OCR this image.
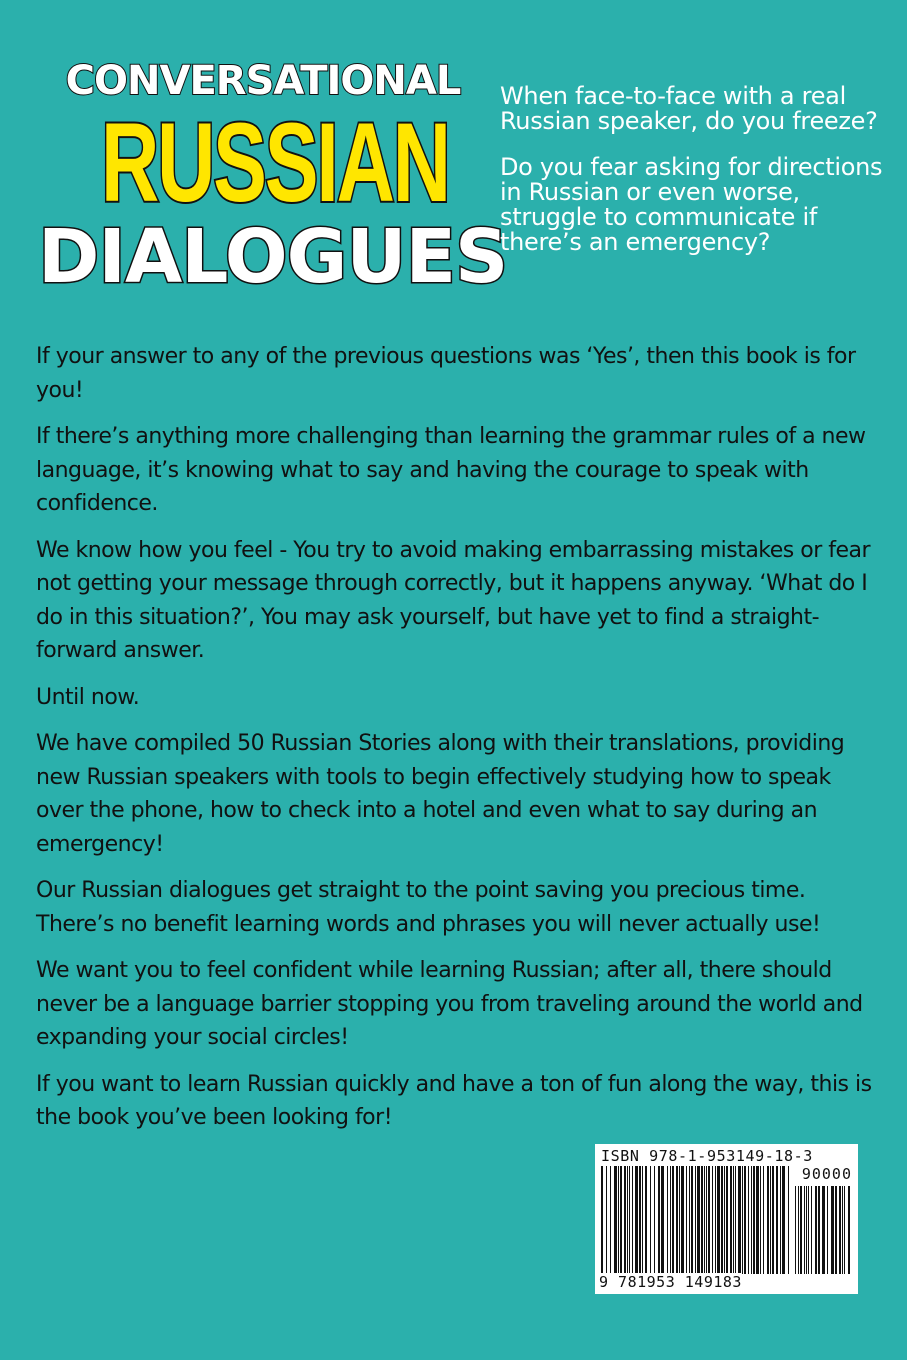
CONVERSATIONAL
RUSSIAN
DIALOGUES

When face-to-face with a real Russian speaker, do you freeze?

Do you fear asking for directions in Russian or even worse, struggle to communicate if there’s an emergency?

If your answer to any of the previous questions was ‘Yes’, then this book is for you!

If there’s anything more challenging than learning the grammar rules of a new language, it’s knowing what to say and having the courage to speak with confidence.

We know how you feel - You try to avoid making embarrassing mistakes or fear not getting your message through correctly, but it happens anyway. ‘What do I do in this situation?’, You may ask yourself, but have yet to find a straight-forward answer.

Until now.

We have compiled 50 Russian Stories along with their translations, providing new Russian speakers with tools to begin effectively studying how to speak over the phone, how to check into a hotel and even what to say during an emergency!

Our Russian dialogues get straight to the point saving you precious time. There’s no benefit learning words and phrases you will never actually use!

We want you to feel confident while learning Russian; after all, there should never be a language barrier stopping you from traveling around the world and expanding your social circles!

If you want to learn Russian quickly and have a ton of fun along the way, this is the book you’ve been looking for!

ISBN 978-1-953149-18-3
90000
9 781953 149183
